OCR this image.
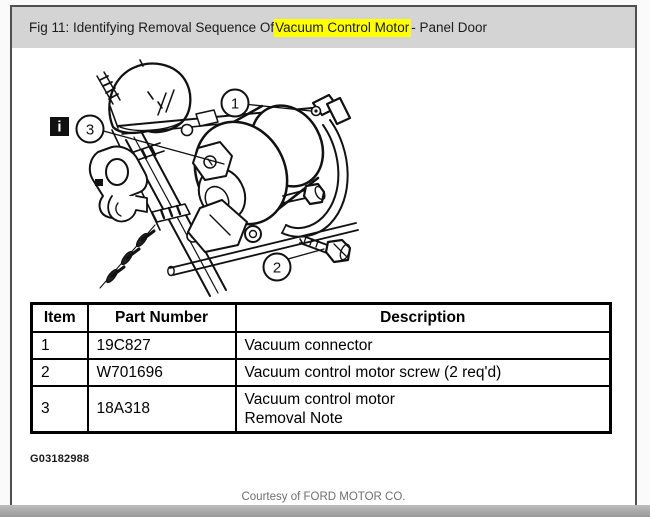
Fig 11: Identifying Removal Sequence Of Vacuum Control Motor - Panel Door
1
3
2
i
Item	Part Number	Description
1	19C827	Vacuum connector
2	W701696	Vacuum control motor screw (2 req'd)
3	18A318	Vacuum control motor
Removal Note
G03182988
Courtesy of FORD MOTOR CO.
